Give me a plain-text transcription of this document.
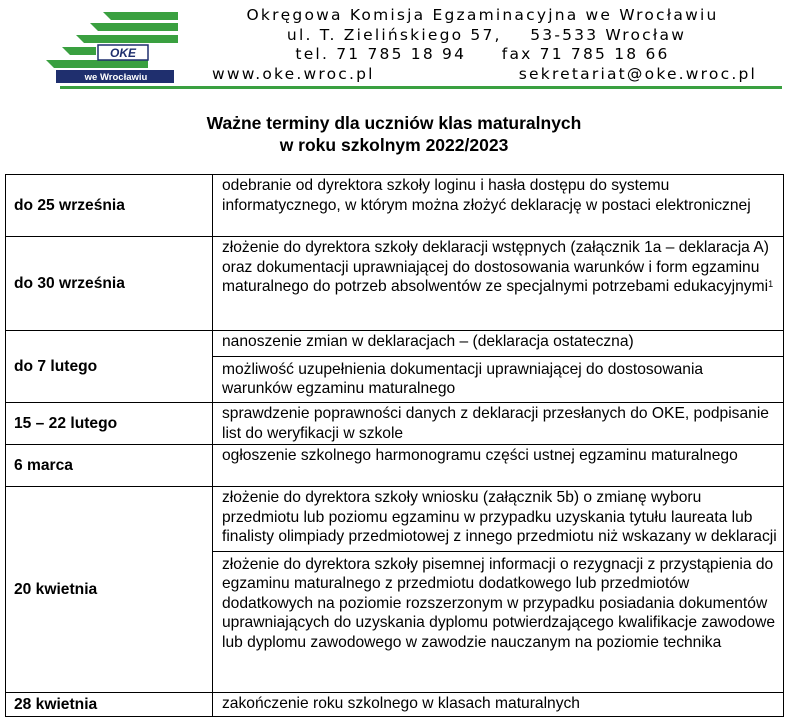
OKE
we Wrocławiu
Okręgowa Komisja Egzaminacyjna we Wrocławiu
ul. T. Zielińskiego 57, 53-533 Wrocław
tel. 71 785 18 94 fax 71 785 18 66
www.oke.wroc.pl	sekretariat@oke.wroc.pl
Ważne terminy dla uczniów klas maturalnych
w roku szkolnym 2022/2023
do 25 września	odebranie od dyrektora szkoły loginu i hasła dostępu do systemu informatycznego, w którym można złożyć deklarację w postaci elektronicznej
do 30 września	złożenie do dyrektora szkoły deklaracji wstępnych (załącznik 1a – deklaracja A) oraz dokumentacji uprawniającej do dostosowania warunków i form egzaminu maturalnego do potrzeb absolwentów ze specjalnymi potrzebami edukacyjnymi$^1$
do 7 lutego	nanoszenie zmian w deklaracjach – (deklaracja ostateczna)
możliwość uzupełnienia dokumentacji uprawniającej do dostosowania warunków egzaminu maturalnego

15 – 22 lutego	sprawdzenie poprawności danych z deklaracji przesłanych do OKE, podpisanie list do weryfikacji w szkole
6 marca	ogłoszenie szkolnego harmonogramu części ustnej egzaminu maturalnego
20 kwietnia	złożenie do dyrektora szkoły wniosku (załącznik 5b) o zmianę wyboru przedmiotu lub poziomu egzaminu w przypadku uzyskania tytułu laureata lub finalisty olimpiady przedmiotowej z innego przedmiotu niż wskazany w deklaracji
złożenie do dyrektora szkoły pisemnej informacji o rezygnacji z przystąpienia do egzaminu maturalnego z przedmiotu dodatkowego lub przedmiotów dodatkowych na poziomie rozszerzonym w przypadku posiadania dokumentów uprawniających do uzyskania dyplomu potwierdzającego kwalifikacje zawodowe lub dyplomu zawodowego w zawodzie nauczanym na poziomie technika

28 kwietnia	zakończenie roku szkolnego w klasach maturalnych
